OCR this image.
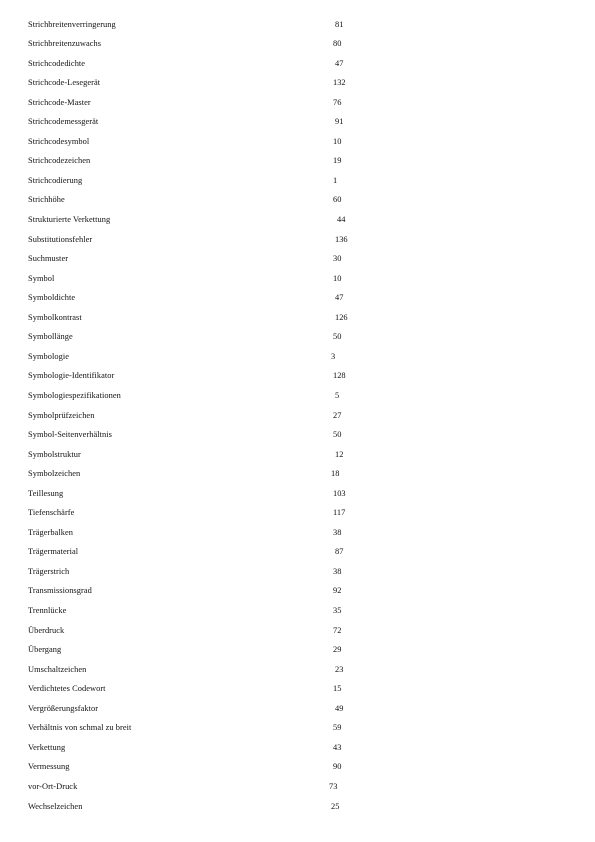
Strichbreitenverringerung	81
Strichbreitenzuwachs	80
Strichcodedichte	47
Strichcode-Lesegerät	132
Strichcode-Master	76
Strichcodemessgerät	91
Strichcodesymbol	10
Strichcodezeichen	19
Strichcodierung	1
Strichhöhe	60
Strukturierte Verkettung	44
Substitutionsfehler	136
Suchmuster	30
Symbol	10
Symboldichte	47
Symbolkontrast	126
Symbollänge	50
Symbologie	3
Symbologie-Identifikator	128
Symbologiespezifikationen	5
Symbolprüfzeichen	27
Symbol-Seitenverhältnis	50
Symbolstruktur	12
Symbolzeichen	18
Teillesung	103
Tiefenschärfe	117
Trägerbalken	38
Trägermaterial	87
Trägerstrich	38
Transmissionsgrad	92
Trennlücke	35
Überdruck	72
Übergang	29
Umschaltzeichen	23
Verdichtetes Codewort	15
Vergrößerungsfaktor	49
Verhältnis von schmal zu breit	59
Verkettung	43
Vermessung	90
vor-Ort-Druck	73
Wechselzeichen	25
